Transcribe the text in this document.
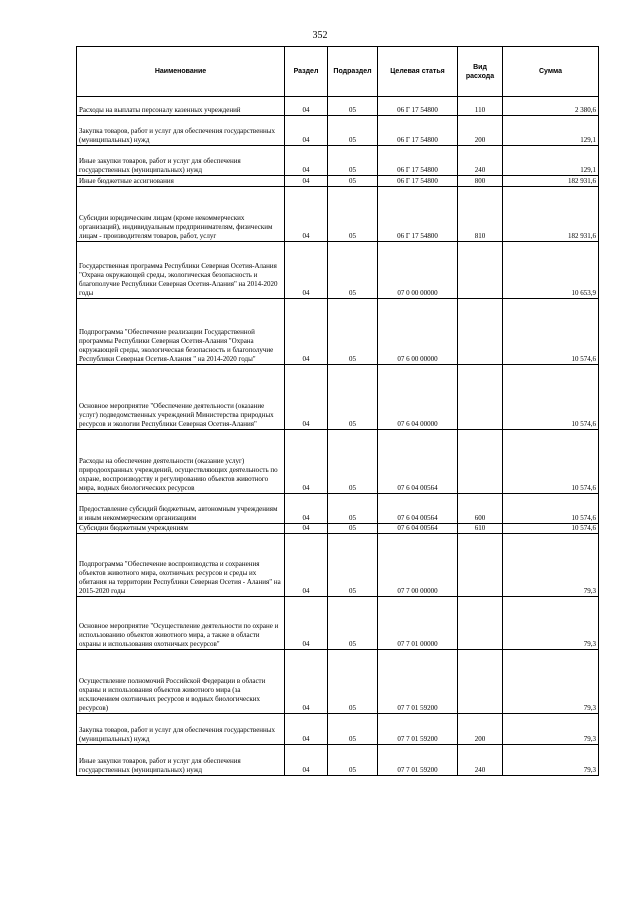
352
Наименование	Раздел	Подраздел	Целевая статья	Вид расхода	Сумма
Расходы на выплаты персоналу казенных учреждений	04	05	06 Г 17 54800	110	2 380,6
Закупка товаров, работ и услуг для обеспечения государственных (муниципальных) нужд	04	05	06 Г 17 54800	200	129,1
Иные закупки товаров, работ и услуг для обеспечения государственных (муниципальных) нужд	04	05	06 Г 17 54800	240	129,1
Иные бюджетные ассигнования	04	05	06 Г 17 54800	800	182 931,6
Субсидии юридическим лицам (кроме некоммерческих организаций), индивидуальным предпринимателям, физическим лицам - производителям товаров, работ, услуг	04	05	06 Г 17 54800	810	182 931,6
Государственная программа Республики Северная Осетия-Алания "Охрана окружающей среды, экологическая безопасность и благополучие Республики Северная Осетия-Алания" на 2014-2020 годы	04	05	07 0 00 00000		10 653,9
Подпрограмма "Обеспечение реализации Государственной программы Республики Северная Осетия-Алания "Охрана окружающей среды, экологическая безопасность и благополучие Республики Северная Осетия-Алания " на 2014-2020 годы"	04	05	07 6 00 00000		10 574,6
Основное мероприятие "Обеспечение деятельности (оказание услуг) подведомственных учреждений Министерства природных ресурсов и экологии Республики Северная Осетия-Алания"	04	05	07 6 04 00000		10 574,6
Расходы на обеспечение деятельности (оказание услуг) природоохранных учреждений, осуществляющих деятельность по охране, воспроизводству и регулированию объектов животного мира, водных биологических ресурсов	04	05	07 6 04 00564		10 574,6
Предоставление субсидий бюджетным, автономным учреждениям и иным некоммерческим организациям	04	05	07 6 04 00564	600	10 574,6
Субсидии бюджетным учреждениям	04	05	07 6 04 00564	610	10 574,6
Подпрограмма "Обеспечение воспроизводства и сохранения объектов животного мира, охотничьих ресурсов и среды их обитания на территории Республики Северная Осетия - Алания" на 2015-2020 годы	04	05	07 7 00 00000		79,3
Основное мероприятие "Осуществление деятельности по охране и использованию объектов животного мира, а также в области охраны и использования охотничьих ресурсов"	04	05	07 7 01 00000		79,3
Осуществление полномочий Российской Федерации в области охраны и использования объектов животного мира (за исключением охотничьих ресурсов и водных биологических ресурсов)	04	05	07 7 01 59200		79,3
Закупка товаров, работ и услуг для обеспечения государственных (муниципальных) нужд	04	05	07 7 01 59200	200	79,3
Иные закупки товаров, работ и услуг для обеспечения государственных (муниципальных) нужд	04	05	07 7 01 59200	240	79,3
